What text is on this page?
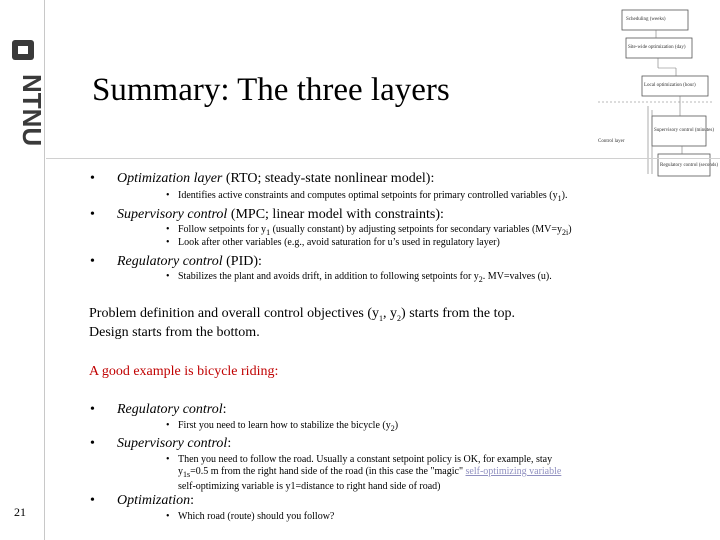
NTNU
21
Summary: The three layers
Scheduling (weeks)
Site-wide optimization (day)
Local optimization (hour)
Supervisory control (minutes)
Regulatory control (seconds)
Control layer
• Optimization layer (RTO; steady-state nonlinear model):
• Identifies active constraints and computes optimal setpoints for primary controlled variables $(y_1)$.
• Supervisory control (MPC; linear model with constraints):
• Follow setpoints for $y_1$ (usually constant) by adjusting setpoints for secondary variables $(MV=y_{2i})$
• Look after other variables (e.g., avoid saturation for u’s used in regulatory layer)
• Regulatory control (PID):
• Stabilizes the plant and avoids drift, in addition to following setpoints for $y_2$. MV=valves (u).
Problem definition and overall control objectives ($y_1$, $y_2$) starts from the top.
Design starts from the bottom.
A good example is bicycle riding:
• Regulatory control:
• First you need to learn how to stabilize the bicycle $(y_2)$
• Supervisory control:
• Then you need to follow the road. Usually a constant setpoint policy is OK, for example, stay
$y_{1s}=0.5$ m from the right hand side of the road (in this case the "magic" self-optimizing variable
self-optimizing variable is y1=distance to right hand side of road)
• Optimization:
• Which road (route) should you follow?
